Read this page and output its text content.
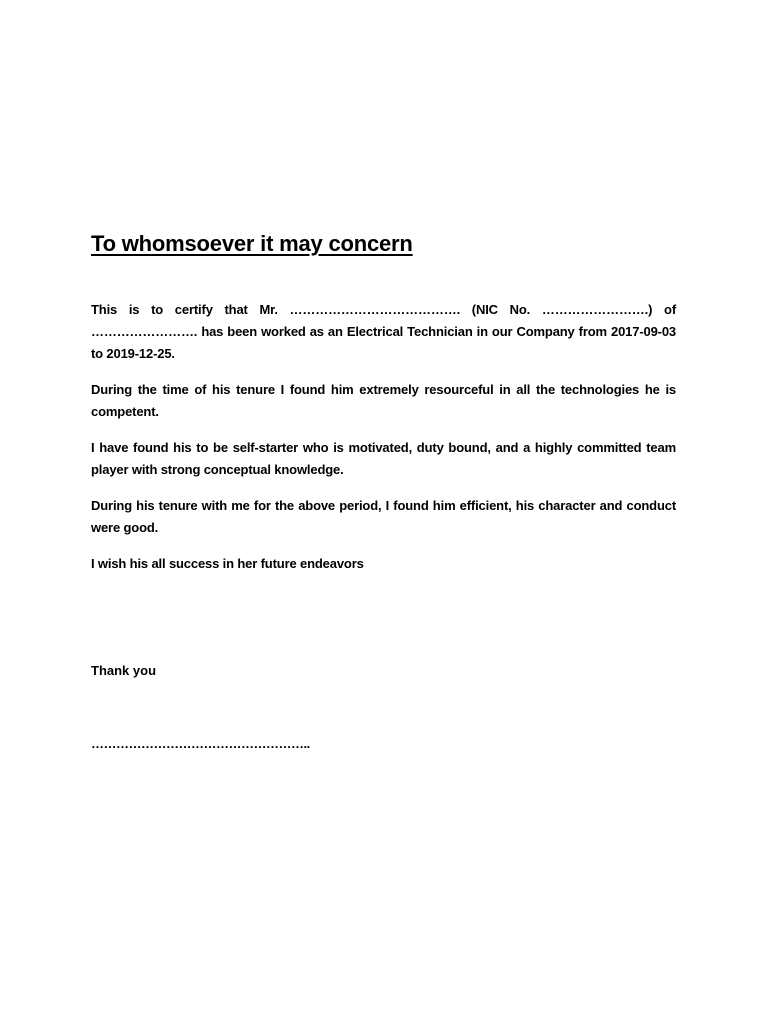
To whomsoever it may concern

This is to certify that Mr. …………………………………. (NIC No. …………………….) of ……………………. has been worked as an Electrical Technician in our Company from 2017-09-03 to 2019-12-25.

During the time of his tenure I found him extremely resourceful in all the technologies he is competent.

I have found his to be self-starter who is motivated, duty bound, and a highly committed team player with strong conceptual knowledge.

During his tenure with me for the above period, I found him efficient, his character and conduct were good.

I wish his all success in her future endeavors

Thank you

……………………………………………..
